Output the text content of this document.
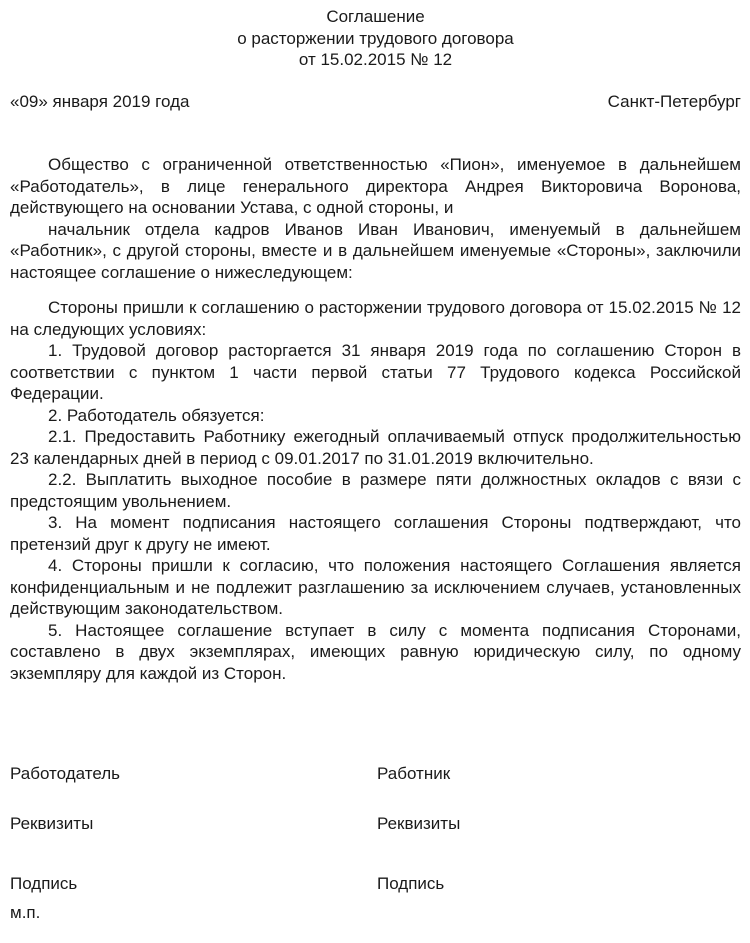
Соглашение
о расторжении трудового договора
от 15.02.2015 № 12
«09» января 2019 года	Санкт-Петербург

Общество с ограниченной ответственностью «Пион», именуемое в дальнейшем «Работодатель», в лице генерального директора Андрея Викторовича Воронова, действующего на основании Устава, с одной стороны, и

начальник отдела кадров Иванов Иван Иванович, именуемый в дальнейшем «Работник», с другой стороны, вместе и в дальнейшем именуемые «Стороны», заключили настоящее соглашение о нижеследующем:

Стороны пришли к соглашению о расторжении трудового договора от 15.02.2015 № 12 на следующих условиях:

1. Трудовой договор расторгается 31 января 2019 года по соглашению Сторон в соответствии с пунктом 1 части первой статьи 77 Трудового кодекса Российской Федерации.

2. Работодатель обязуется:

2.1. Предоставить Работнику ежегодный оплачиваемый отпуск продолжительностью 23 календарных дней в период с 09.01.2017 по 31.01.2019 включительно.

2.2. Выплатить выходное пособие в размере пяти должностных окладов с вязи с предстоящим увольнением.

3. На момент подписания настоящего соглашения Стороны подтверждают, что претензий друг к другу не имеют.

4. Стороны пришли к согласию, что положения настоящего Соглашения является конфиденциальным и не подлежит разглашению за исключением случаев, установленных действующим законодательством.

5. Настоящее соглашение вступает в силу с момента подписания Сторонами, составлено в двух экземплярах, имеющих равную юридическую силу, по одному экземпляру для каждой из Сторон.

Работодатель	Работник
Реквизиты	Реквизиты
Подпись	Подпись
м.п.
